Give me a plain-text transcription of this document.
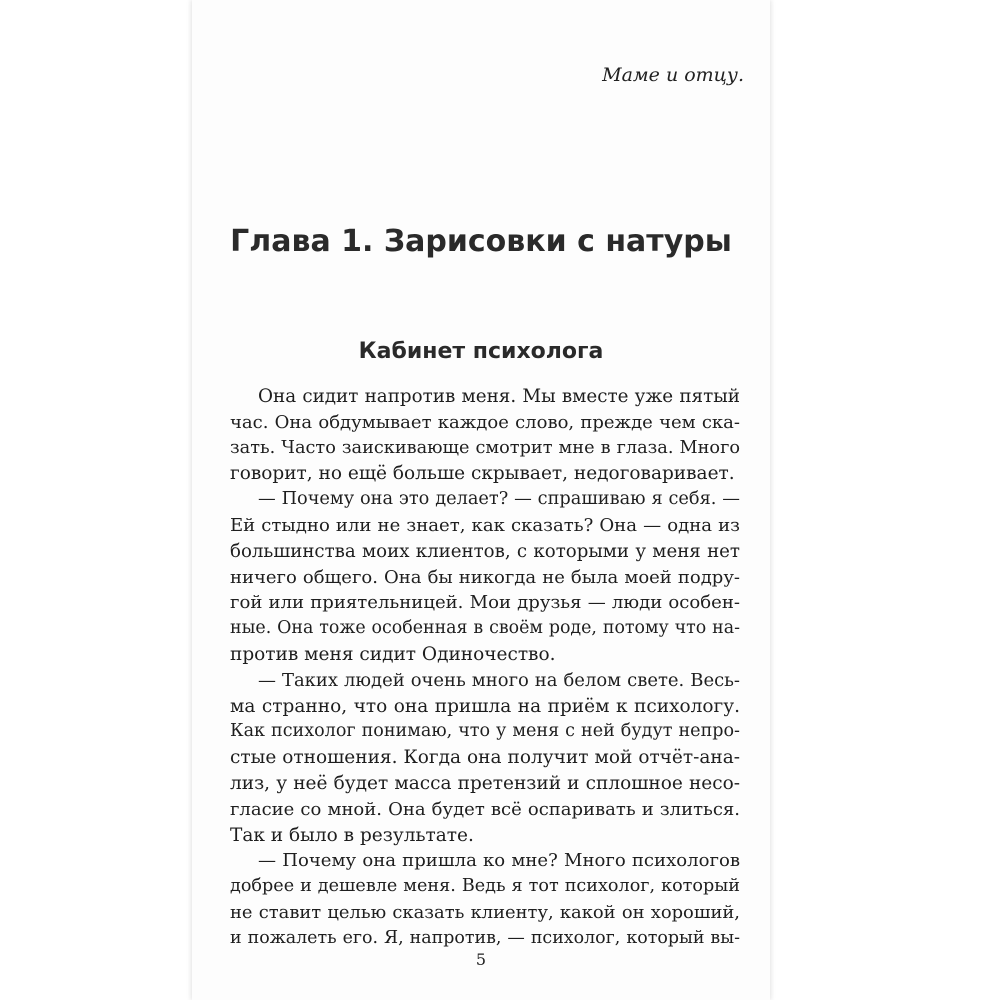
Маме и отцу.
Глава 1. Зарисовки с натуры
Кабинет психолога
Она сидит напротив меня. Мы вместе уже пятый
час. Она обдумывает каждое слово, прежде чем ска-
зать. Часто заискивающе смотрит мне в глаза. Много
говорит, но ещё больше скрывает, недоговаривает.
— Почему она это делает? — спрашиваю я себя. —
Ей стыдно или не знает, как сказать? Она — одна из
большинства моих клиентов, с которыми у меня нет
ничего общего. Она бы никогда не была моей подру-
гой или приятельницей. Мои друзья — люди особен-
ные. Она тоже особенная в своём роде, потому что на-
против меня сидит Одиночество.
— Таких людей очень много на белом свете. Весь-
ма странно, что она пришла на приём к психологу.
Как психолог понимаю, что у меня с ней будут непро-
стые отношения. Когда она получит мой отчёт-ана-
лиз, у неё будет масса претензий и сплошное несо-
гласие со мной. Она будет всё оспаривать и злиться.
Так и было в результате.
— Почему она пришла ко мне? Много психологов
добрее и дешевле меня. Ведь я тот психолог, который
не ставит целью сказать клиенту, какой он хороший,
и пожалеть его. Я, напротив, — психолог, который вы-
5
